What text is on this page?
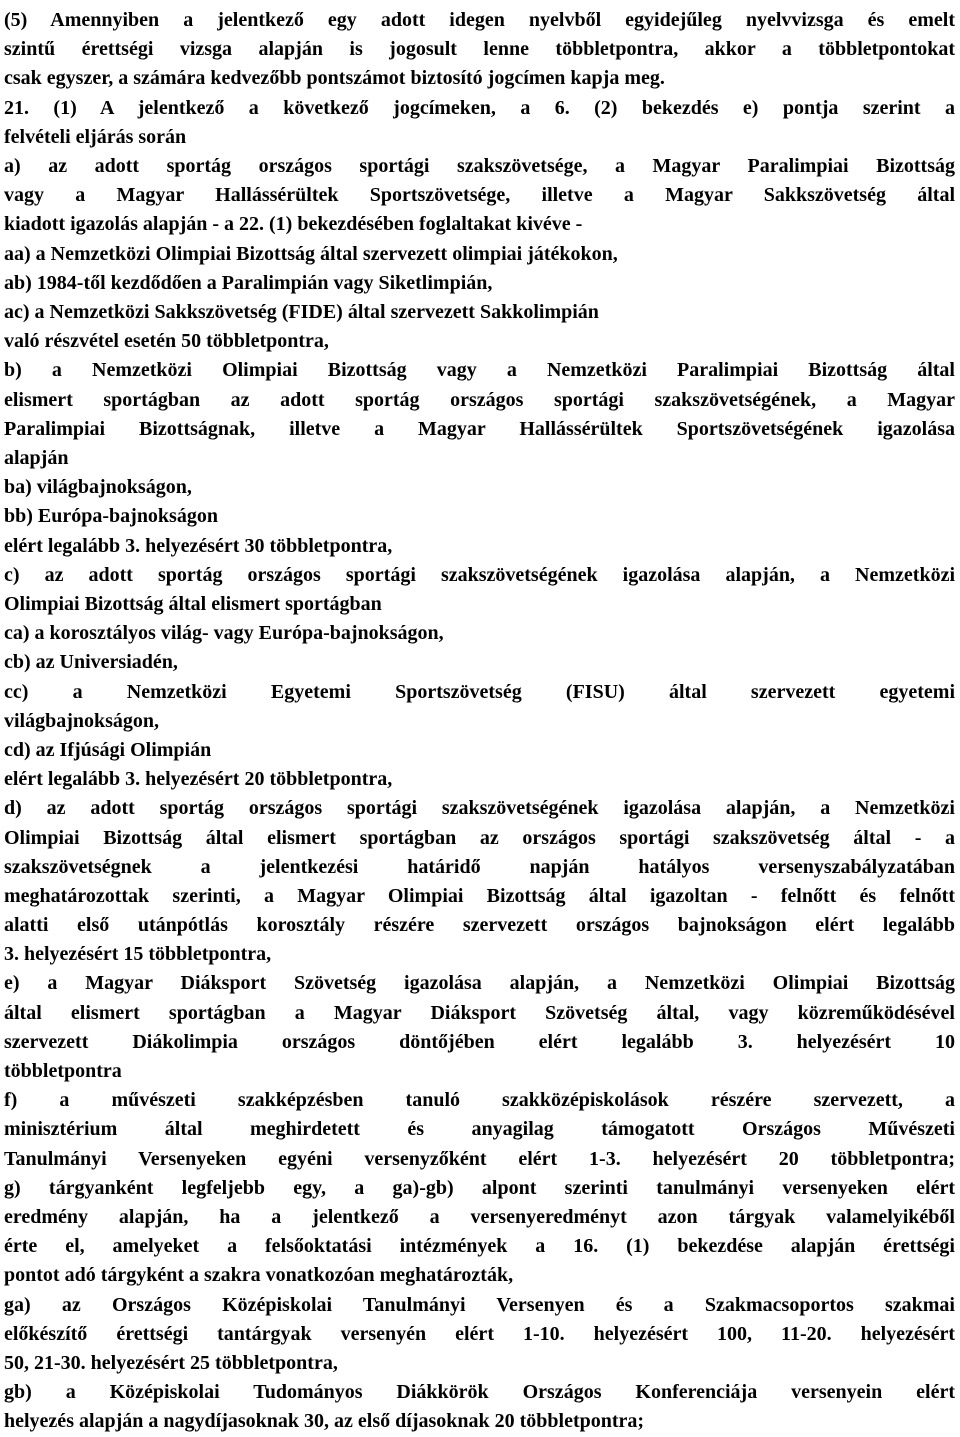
(5) Amennyiben a jelentkező egy adott idegen nyelvből egyidejűleg nyelvvizsga és emelt
szintű érettségi vizsga alapján is jogosult lenne többletpontra, akkor a többletpontokat
csak egyszer, a számára kedvezőbb pontszámot biztosító jogcímen kapja meg.
21. (1) A jelentkező a következő jogcímeken, a 6. (2) bekezdés e) pontja szerint a
felvételi eljárás során
a) az adott sportág országos sportági szakszövetsége, a Magyar Paralimpiai Bizottság
vagy a Magyar Hallássérültek Sportszövetsége, illetve a Magyar Sakkszövetség által
kiadott igazolás alapján - a 22. (1) bekezdésében foglaltakat kivéve -
aa) a Nemzetközi Olimpiai Bizottság által szervezett olimpiai játékokon,
ab) 1984-től kezdődően a Paralimpián vagy Siketlimpián,
ac) a Nemzetközi Sakkszövetség (FIDE) által szervezett Sakkolimpián
való részvétel esetén 50 többletpontra,
b) a Nemzetközi Olimpiai Bizottság vagy a Nemzetközi Paralimpiai Bizottság által
elismert sportágban az adott sportág országos sportági szakszövetségének, a Magyar
Paralimpiai Bizottságnak, illetve a Magyar Hallássérültek Sportszövetségének igazolása
alapján
ba) világbajnokságon,
bb) Európa-bajnokságon
elért legalább 3. helyezésért 30 többletpontra,
c) az adott sportág országos sportági szakszövetségének igazolása alapján, a Nemzetközi
Olimpiai Bizottság által elismert sportágban
ca) a korosztályos világ- vagy Európa-bajnokságon,
cb) az Universiadén,
cc) a Nemzetközi Egyetemi Sportszövetség (FISU) által szervezett egyetemi
világbajnokságon,
cd) az Ifjúsági Olimpián
elért legalább 3. helyezésért 20 többletpontra,
d) az adott sportág országos sportági szakszövetségének igazolása alapján, a Nemzetközi
Olimpiai Bizottság által elismert sportágban az országos sportági szakszövetség által - a
szakszövetségnek a jelentkezési határidő napján hatályos versenyszabályzatában
meghatározottak szerinti, a Magyar Olimpiai Bizottság által igazoltan - felnőtt és felnőtt
alatti első utánpótlás korosztály részére szervezett országos bajnokságon elért legalább
3. helyezésért 15 többletpontra,
e) a Magyar Diáksport Szövetség igazolása alapján, a Nemzetközi Olimpiai Bizottság
által elismert sportágban a Magyar Diáksport Szövetség által, vagy közreműködésével
szervezett Diákolimpia országos döntőjében elért legalább 3. helyezésért 10
többletpontra
f) a művészeti szakképzésben tanuló szakközépiskolások részére szervezett, a
minisztérium által meghirdetett és anyagilag támogatott Országos Művészeti
Tanulmányi Versenyeken egyéni versenyzőként elért 1-3. helyezésért 20 többletpontra;
g) tárgyanként legfeljebb egy, a ga)-gb) alpont szerinti tanulmányi versenyeken elért
eredmény alapján, ha a jelentkező a versenyeredményt azon tárgyak valamelyikéből
érte el, amelyeket a felsőoktatási intézmények a 16. (1) bekezdése alapján érettségi
pontot adó tárgyként a szakra vonatkozóan meghatározták,
ga) az Országos Középiskolai Tanulmányi Versenyen és a Szakmacsoportos szakmai
előkészítő érettségi tantárgyak versenyén elért 1-10. helyezésért 100, 11-20. helyezésért
50, 21-30. helyezésért 25 többletpontra,
gb) a Középiskolai Tudományos Diákkörök Országos Konferenciája versenyein elért
helyezés alapján a nagydíjasoknak 30, az első díjasoknak 20 többletpontra;
